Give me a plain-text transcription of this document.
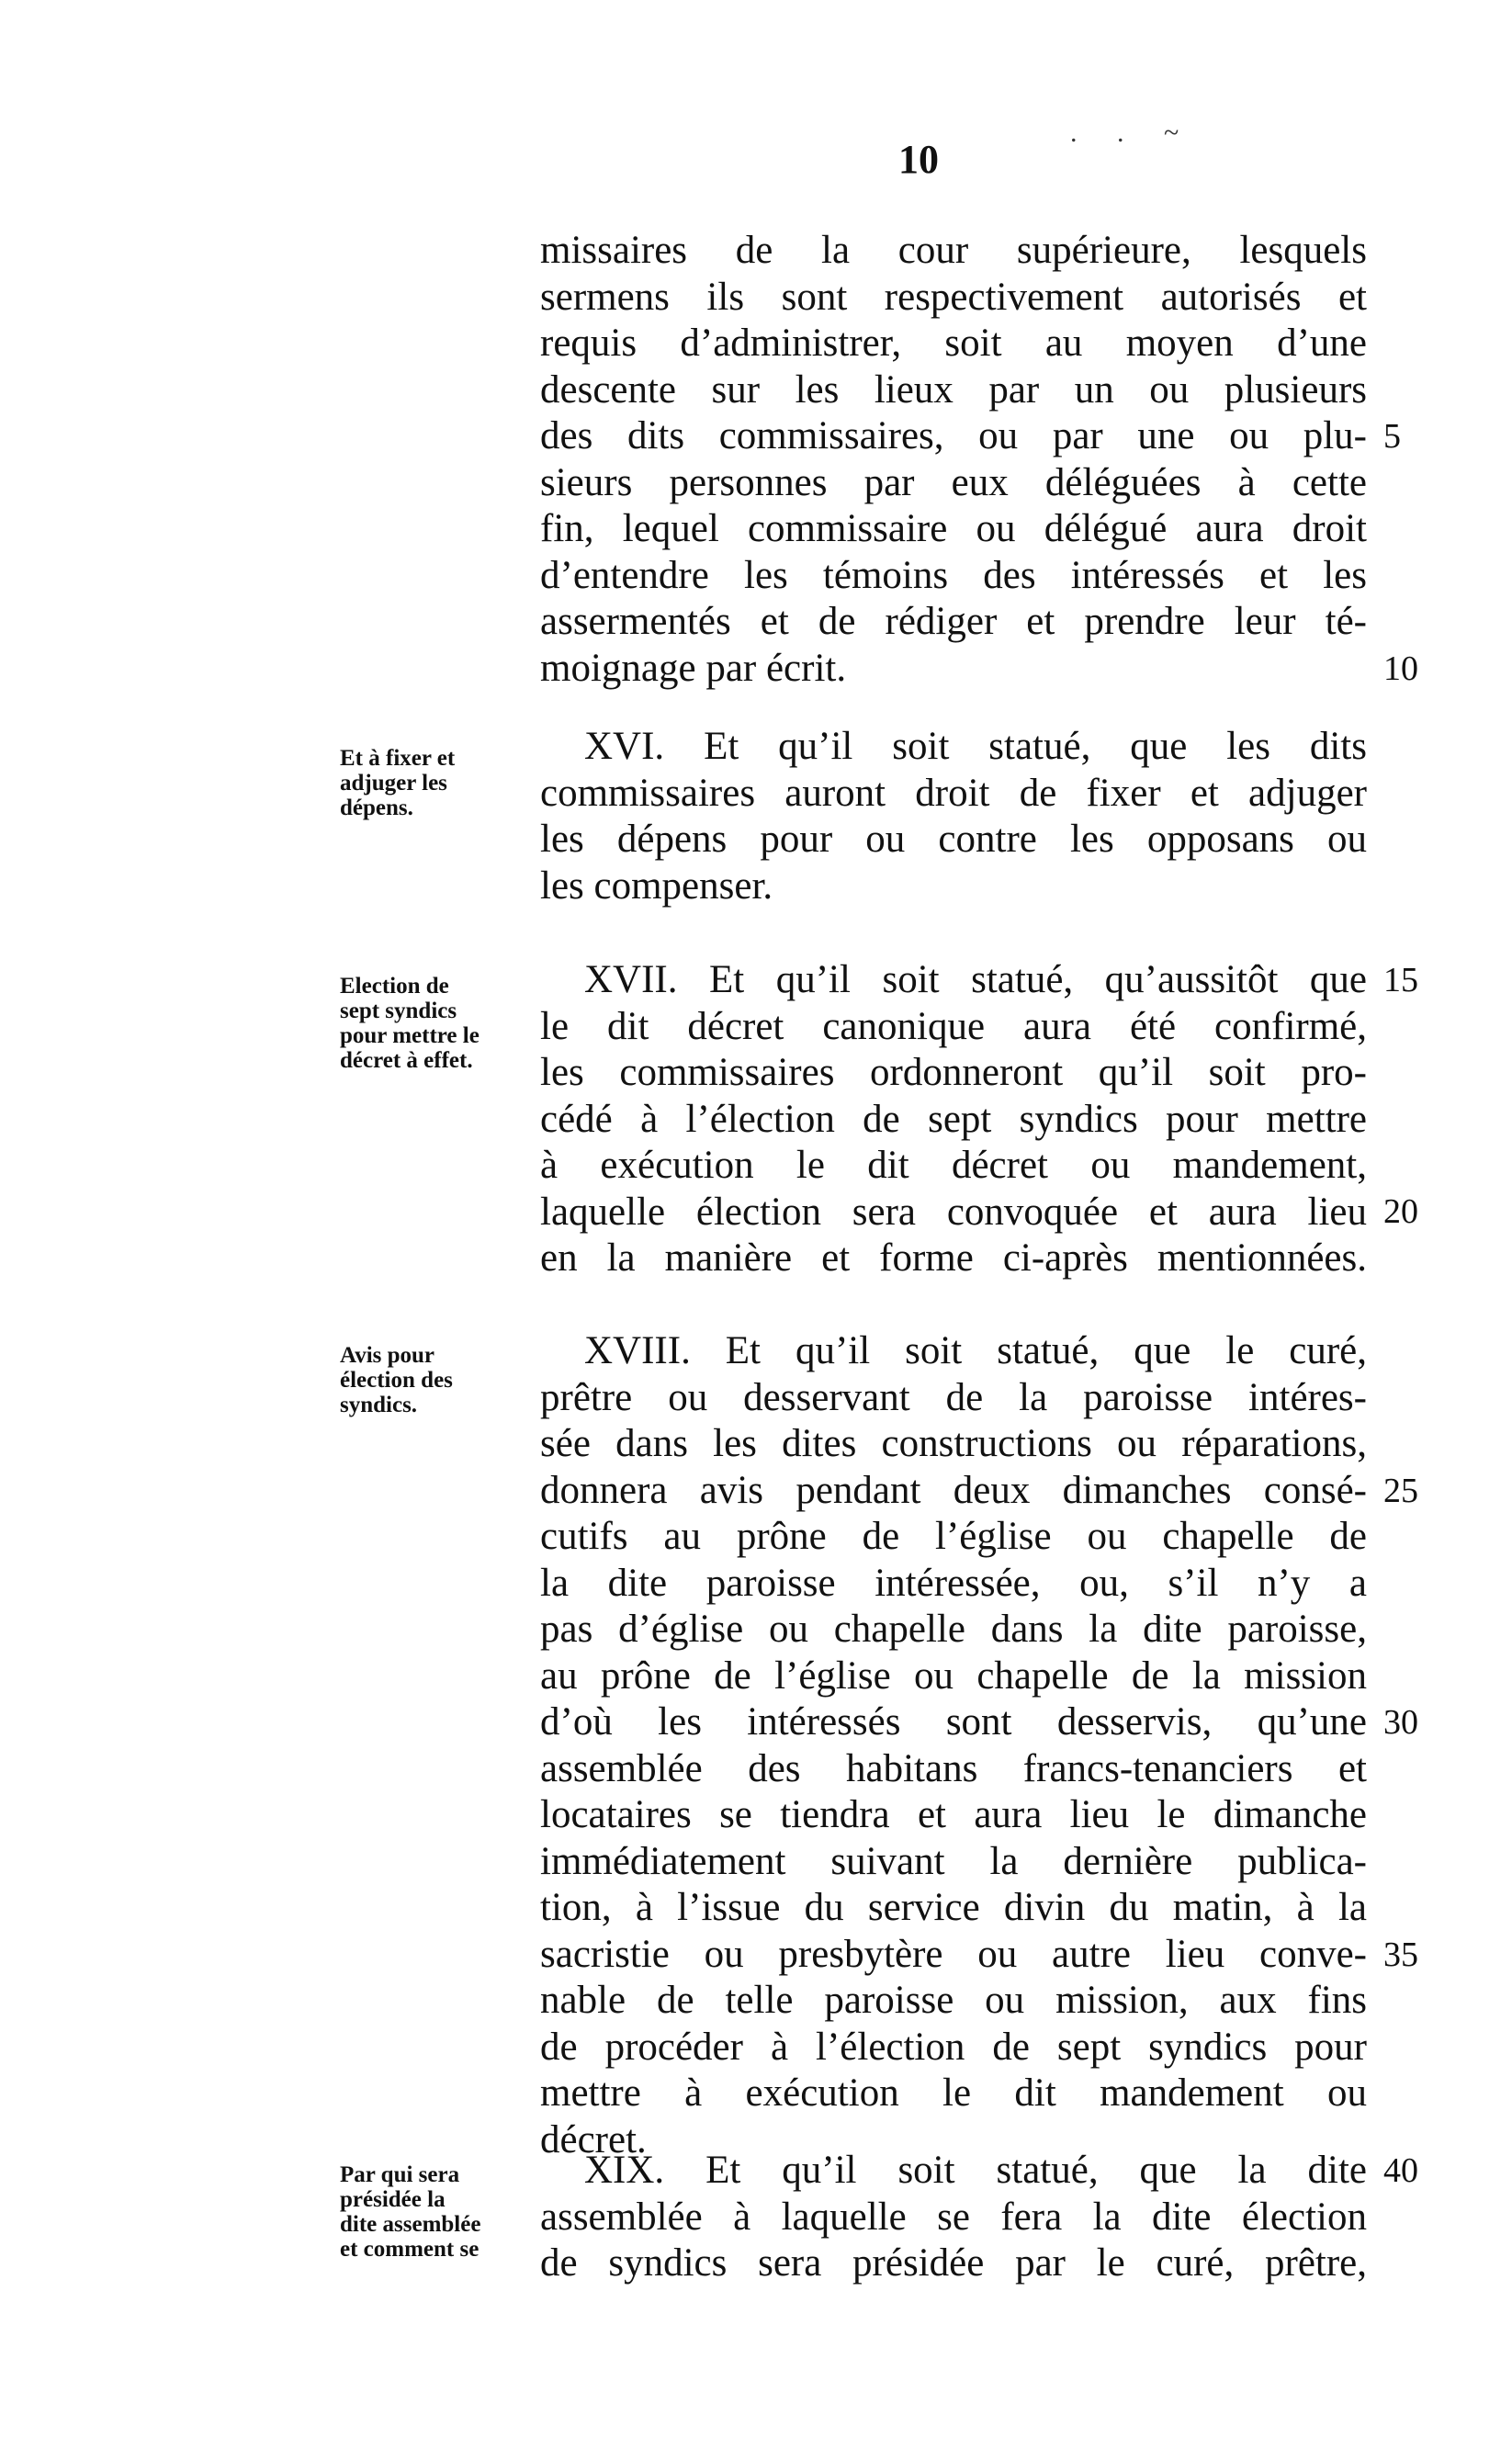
10
. . ~
missaires de la cour supérieure, lesquels
sermens ils sont respectivement autorisés et
requis d’administrer, soit au moyen d’une
descente sur les lieux par un ou plusieurs
des dits commissaires, ou par une ou plu-
sieurs personnes par eux déléguées à cette
fin, lequel commissaire ou délégué aura droit
d’entendre les témoins des intéressés et les
assermentés et de rédiger et prendre leur té-
moignage par écrit.
XVI. Et qu’il soit statué, que les dits
commissaires auront droit de fixer et adjuger
les dépens pour ou contre les opposans ou
les compenser.
XVII. Et qu’il soit statué, qu’aussitôt que
le dit décret canonique aura été confirmé,
les commissaires ordonneront qu’il soit pro-
cédé à l’élection de sept syndics pour mettre
à exécution le dit décret ou mandement,
laquelle élection sera convoquée et aura lieu
en la manière et forme ci-après mentionnées.
XVIII. Et qu’il soit statué, que le curé,
prêtre ou desservant de la paroisse intéres-
sée dans les dites constructions ou réparations,
donnera avis pendant deux dimanches consé-
cutifs au prône de l’église ou chapelle de
la dite paroisse intéressée, ou, s’il n’y a
pas d’église ou chapelle dans la dite paroisse,
au prône de l’église ou chapelle de la mission
d’où les intéressés sont desservis, qu’une
assemblée des habitans francs-tenanciers et
locataires se tiendra et aura lieu le dimanche
immédiatement suivant la dernière publica-
tion, à l’issue du service divin du matin, à la
sacristie ou presbytère ou autre lieu conve-
nable de telle paroisse ou mission, aux fins
de procéder à l’élection de sept syndics pour
mettre à exécution le dit mandement ou
décret.
XIX. Et qu’il soit statué, que la dite
assemblée à laquelle se fera la dite élection
de syndics sera présidée par le curé, prêtre,
5
10
15
20
25
30
35
40
Et à fixer et
adjuger les
dépens.
Election de
sept syndics
pour mettre le
décret à effet.
Avis pour
élection des
syndics.
Par qui sera
présidée la
dite assemblée
et comment se
